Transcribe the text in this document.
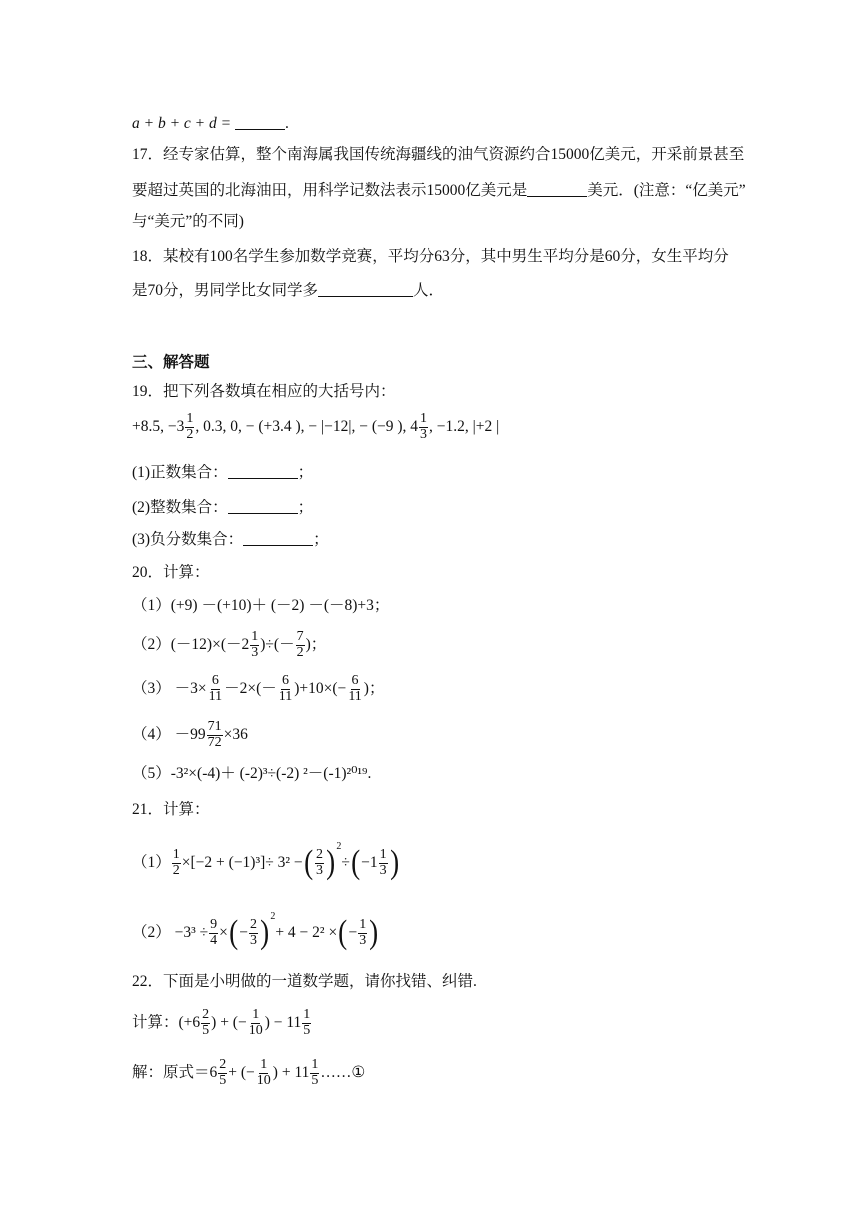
a + b + c + d =	.
17．经专家估算，整个南海属我国传统海疆线的油气资源约合15000亿美元，开采前景甚至
要超过英国的北海油田，用科学记数法表示15000亿美元是	美元．(注意：“亿美元”
与“美元”的不同)
18．某校有100名学生参加数学竞赛，平均分63分，其中男生平均分是60分，女生平均分
是70分，男同学比女同学多	人．
三、解答题
19．把下列各数填在相应的大括号内：
+8.5, $-3 \frac{1}{2}$ , 0.3, 0, − (+3.4 ), − |−12|, − (−9 ), $4 \frac{1}{3}$ , −1.2, |+2 |
(1)正数集合：	；
(2)整数集合：	；
(3)负分数集合：	；
20．计算：
（1）(+9) －(+10)＋ (－2) －(－8)+3；
$(2)(-12)\times(-2 \frac{1}{3}$ )÷(－ $\frac{7}{2}$ )；
$(3) -3\times \frac{6}{11} -2\times(- \frac{6}{11} )+10\times(- \frac{6}{11}$ )；
$(4) -99 \frac{71}{72} \times 36$
（5）-3²×(-4)＋ (-2)³÷(-2) ²－(-1)²⁰¹⁹.
21．计算：
$(1) \frac{1}{2} \times[-2 + (-1)^3]\div 3^2$ −( $\frac{2}{3} )^2\div(-1 \frac{1}{3}$ )
$(2) -3^3 \div \frac{9}{4}$ ×(− $\frac{2}{3} )^2+ 4 - 2^2$ ×(− $\frac{1}{3}$ )
22．下面是小明做的一道数学题，请你找错、纠错.
计算：($+6 \frac{2}{5}$ ) + (− $\frac{1}{10}$ ) − $11 \frac{1}{5}$
解：原式$=6 \frac{2}{5}$ + (− $\frac{1}{10}$ ) + $11 \frac{1}{5}$ ……①
